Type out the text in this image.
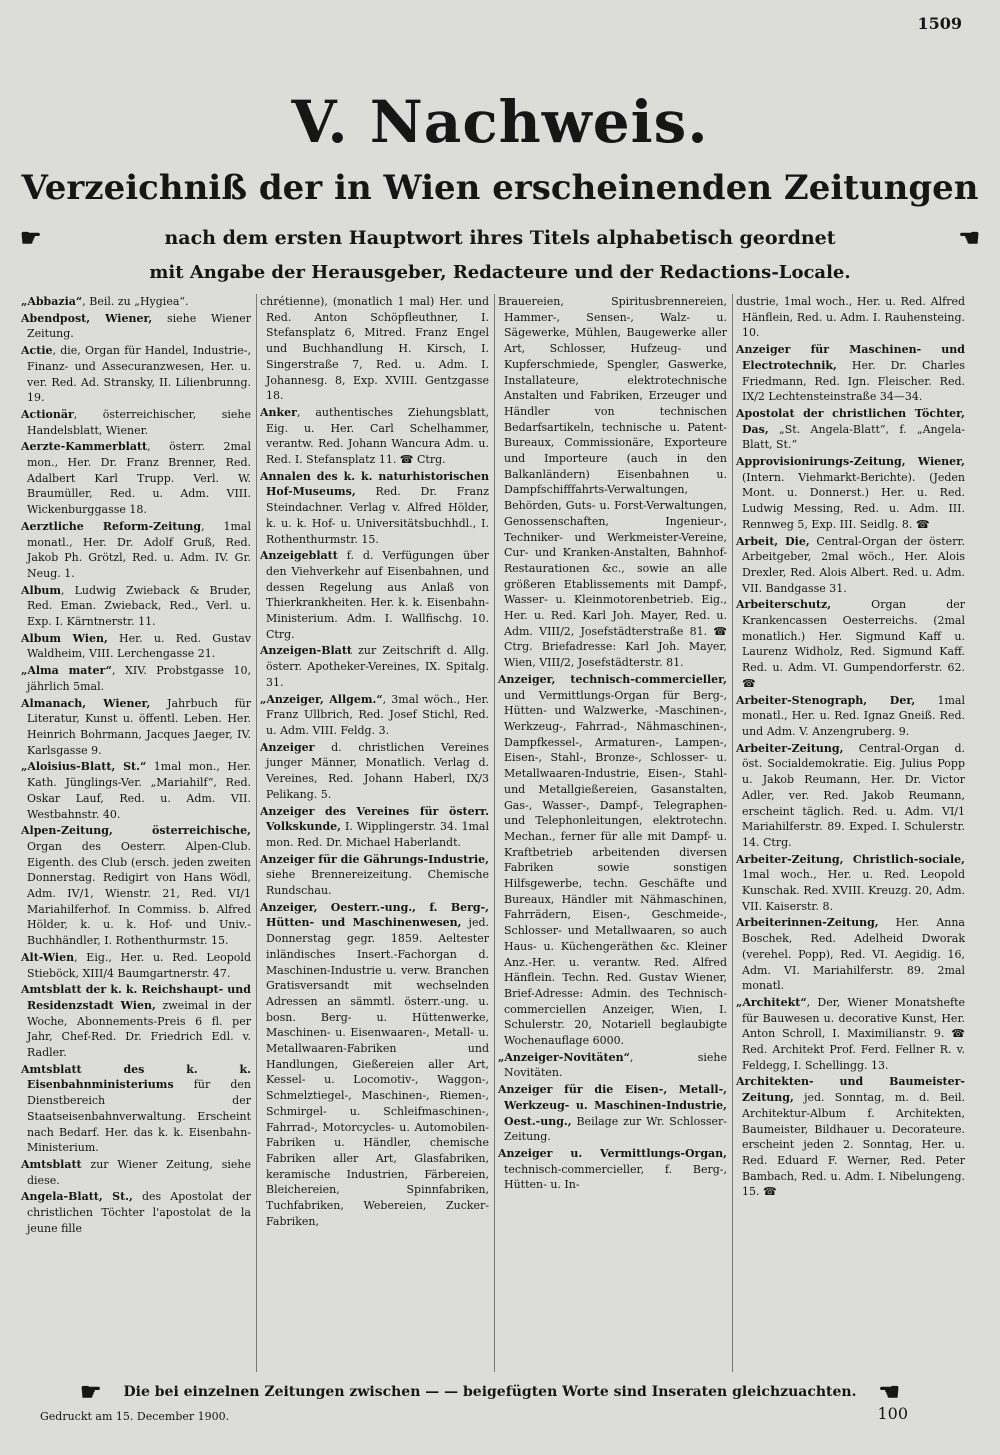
1509
V. Nachweis.
Verzeichniß der in Wien erscheinenden Zeitungen
☛	nach dem ersten Hauptwort ihres Titels alphabetisch geordnet	☚
mit Angabe der Herausgeber, Redacteure und der Redactions-Locale.
„Abbazia“, Beil. zu „Hygiea“.
Abendpost, Wiener, siehe Wiener Zeitung.
Actie, die, Organ für Handel, Industrie-, Finanz- und Assecuranzwesen, Her. u. ver. Red. Ad. Stransky, II. Lilienbrunng. 19.
Actionär, österreichischer, siehe Handelsblatt, Wiener.
Aerzte-Kammerblatt, österr. 2mal mon., Her. Dr. Franz Brenner, Red. Adalbert Karl Trupp. Verl. W. Braumüller, Red. u. Adm. VIII. Wickenburggasse 18.
Aerztliche Reform-Zeitung, 1mal monatl., Her. Dr. Adolf Gruß, Red. Jakob Ph. Grötzl, Red. u. Adm. IV. Gr. Neug. 1.
Album, Ludwig Zwieback & Bruder, Red. Eman. Zwieback, Red., Verl. u. Exp. I. Kärntnerstr. 11.
Album Wien, Her. u. Red. Gustav Waldheim, VIII. Lerchengasse 21.
„Alma mater“, XIV. Probstgasse 10, jährlich 5mal.
Almanach, Wiener, Jahrbuch für Literatur, Kunst u. öffentl. Leben. Her. Heinrich Bohrmann, Jacques Jaeger, IV. Karlsgasse 9.
„Aloisius-Blatt, St.“ 1mal mon., Her. Kath. Jünglings-Ver. „Mariahilf“, Red. Oskar Lauf, Red. u. Adm. VII. Westbahnstr. 40.
Alpen-Zeitung, österreichische, Organ des Oesterr. Alpen-Club. Eigenth. des Club (ersch. jeden zweiten Donnerstag. Redigirt von Hans Wödl, Adm. IV/1, Wienstr. 21, Red. VI/1 Mariahilferhof. In Commiss. b. Alfred Hölder, k. u. k. Hof- und Univ.-Buchhändler, I. Rothenthurmstr. 15.
Alt-Wien, Eig., Her. u. Red. Leopold Stieböck, XIII/4 Baumgartnerstr. 47.
Amtsblatt der k. k. Reichshaupt- und Residenzstadt Wien, zweimal in der Woche, Abonnements-Preis 6 fl. per Jahr, Chef-Red. Dr. Friedrich Edl. v. Radler.
Amtsblatt des k. k. Eisenbahnministeriums für den Dienstbereich der Staatseisenbahnverwaltung. Erscheint nach Bedarf. Her. das k. k. Eisenbahn-Ministerium.
Amtsblatt zur Wiener Zeitung, siehe diese.
Angela-Blatt, St., des Apostolat der christlichen Töchter l'apostolat de la jeune fille
chrétienne), (monatlich 1 mal) Her. und Red. Anton Schöpfleuthner, I. Stefansplatz 6, Mitred. Franz Engel und Buchhandlung H. Kirsch, I. Singerstraße 7, Red. u. Adm. I. Johannesg. 8, Exp. XVIII. Gentzgasse 18.
Anker, authentisches Ziehungsblatt, Eig. u. Her. Carl Schelhammer, verantw. Red. Johann Wancura Adm. u. Red. I. Stefansplatz 11. ☎ Ctrg.
Annalen des k. k. naturhistorischen Hof-Museums, Red. Dr. Franz Steindachner. Verlag v. Alfred Hölder, k. u. k. Hof- u. Universitätsbuchhdl., I. Rothenthurmstr. 15.
Anzeigeblatt f. d. Verfügungen über den Viehverkehr auf Eisenbahnen, und dessen Regelung aus Anlaß von Thierkrankheiten. Her. k. k. Eisenbahn-Ministerium. Adm. I. Wallfischg. 10. Ctrg.
Anzeigen-Blatt zur Zeitschrift d. Allg. österr. Apotheker-Vereines, IX. Spitalg. 31.
„Anzeiger, Allgem.“, 3mal wöch., Her. Franz Ullbrich, Red. Josef Stichl, Red. u. Adm. VIII. Feldg. 3.
Anzeiger d. christlichen Vereines junger Männer, Monatlich. Verlag d. Vereines, Red. Johann Haberl, IX/3 Pelikang. 5.
Anzeiger des Vereines für österr. Volkskunde, I. Wipplingerstr. 34. 1mal mon. Red. Dr. Michael Haberlandt.
Anzeiger für die Gährungs-Industrie, siehe Brennereizeitung. Chemische Rundschau.
Anzeiger, Oesterr.-ung., f. Berg-, Hütten- und Maschinenwesen, jed. Donnerstag gegr. 1859. Aeltester inländisches Insert.-Fachorgan d. Maschinen-Industrie u. verw. Branchen Gratisversandt mit wechselnden Adressen an sämmtl. österr.-ung. u. bosn. Berg- u. Hüttenwerke, Maschinen- u. Eisenwaaren-, Metall- u. Metallwaaren-Fabriken und Handlungen, Gießereien aller Art, Kessel- u. Locomotiv-, Waggon-, Schmelztiegel-, Maschinen-, Riemen-, Schmirgel- u. Schleifmaschinen-, Fahrrad-, Motorcycles- u. Automobilen-Fabriken u. Händler, chemische Fabriken aller Art, Glasfabriken, keramische Industrien, Färbereien, Bleichereien, Spinnfabriken, Tuchfabriken, Webereien, Zucker-Fabriken,
Brauereien, Spiritusbrennereien, Hammer-, Sensen-, Walz- u. Sägewerke, Mühlen, Baugewerke aller Art, Schlosser, Hufzeug- und Kupferschmiede, Spengler, Gaswerke, Installateure, elektrotechnische Anstalten und Fabriken, Erzeuger und Händler von technischen Bedarfsartikeln, technische u. Patent-Bureaux, Commissionäre, Exporteure und Importeure (auch in den Balkanländern) Eisenbahnen u. Dampfschifffahrts-Verwaltungen, Behörden, Guts- u. Forst-Verwaltungen, Genossenschaften, Ingenieur-, Techniker- und Werkmeister-Vereine, Cur- und Kranken-Anstalten, Bahnhof-Restaurationen &c., sowie an alle größeren Etablissements mit Dampf-, Wasser- u. Kleinmotorenbetrieb. Eig., Her. u. Red. Karl Joh. Mayer, Red. u. Adm. VIII/2, Josefstädterstraße 81. ☎ Ctrg. Briefadresse: Karl Joh. Mayer, Wien, VIII/2, Josefstädterstr. 81.
Anzeiger, technisch-commercieller, und Vermittlungs-Organ für Berg-, Hütten- und Walzwerke, -Maschinen-, Werkzeug-, Fahrrad-, Nähmaschinen-, Dampfkessel-, Armaturen-, Lampen-, Eisen-, Stahl-, Bronze-, Schlosser- u. Metallwaaren-Industrie, Eisen-, Stahl- und Metallgießereien, Gasanstalten, Gas-, Wasser-, Dampf-, Telegraphen- und Telephonleitungen, elektrotechn. Mechan., ferner für alle mit Dampf- u. Kraftbetrieb arbeitenden diversen Fabriken sowie sonstigen Hilfsgewerbe, techn. Geschäfte und Bureaux, Händler mit Nähmaschinen, Fahrrädern, Eisen-, Geschmeide-, Schlosser- und Metallwaaren, so auch Haus- u. Küchengeräthen &c. Kleiner Anz.-Her. u. verantw. Red. Alfred Hänflein. Techn. Red. Gustav Wiener, Brief-Adresse: Admin. des Technisch-commerciellen Anzeiger, Wien, I. Schulerstr. 20, Notariell beglaubigte Wochenauflage 6000.
„Anzeiger-Novitäten“, siehe Novitäten.
Anzeiger für die Eisen-, Metall-, Werkzeug- u. Maschinen-Industrie, Oest.-ung., Beilage zur Wr. Schlosser-Zeitung.
Anzeiger u. Vermittlungs-Organ, technisch-commercieller, f. Berg-, Hütten- u. In-
dustrie, 1mal woch., Her. u. Red. Alfred Hänflein, Red. u. Adm. I. Rauhensteing. 10.
Anzeiger für Maschinen- und Electrotechnik, Her. Dr. Charles Friedmann, Red. Ign. Fleischer. Red. IX/2 Lechtensteinstraße 34—34.
Apostolat der christlichen Töchter, Das, „St. Angela-Blatt“, f. „Angela-Blatt, St.“
Approvisionirungs-Zeitung, Wiener, (Intern. Viehmarkt-Berichte). (Jeden Mont. u. Donnerst.) Her. u. Red. Ludwig Messing, Red. u. Adm. III. Rennweg 5, Exp. III. Seidlg. 8. ☎
Arbeit, Die, Central-Organ der österr. Arbeitgeber, 2mal wöch., Her. Alois Drexler, Red. Alois Albert. Red. u. Adm. VII. Bandgasse 31.
Arbeiterschutz, Organ der Krankencassen Oesterreichs. (2mal monatlich.) Her. Sigmund Kaff u. Laurenz Widholz, Red. Sigmund Kaff. Red. u. Adm. VI. Gumpendorferstr. 62. ☎
Arbeiter-Stenograph, Der, 1mal monatl., Her. u. Red. Ignaz Gneiß. Red. und Adm. V. Anzengruberg. 9.
Arbeiter-Zeitung, Central-Organ d. öst. Socialdemokratie. Eig. Julius Popp u. Jakob Reumann, Her. Dr. Victor Adler, ver. Red. Jakob Reumann, erscheint täglich. Red. u. Adm. VI/1 Mariahilferstr. 89. Exped. I. Schulerstr. 14. Ctrg.
Arbeiter-Zeitung, Christlich-sociale, 1mal woch., Her. u. Red. Leopold Kunschak. Red. XVIII. Kreuzg. 20, Adm. VII. Kaiserstr. 8.
Arbeiterinnen-Zeitung, Her. Anna Boschek, Red. Adelheid Dworak (verehel. Popp), Red. VI. Aegidig. 16, Adm. VI. Mariahilferstr. 89. 2mal monatl.
„Architekt“, Der, Wiener Monatshefte für Bauwesen u. decorative Kunst, Her. Anton Schroll, I. Maximilianstr. 9. ☎ Red. Architekt Prof. Ferd. Fellner R. v. Feldegg, I. Schellingg. 13.
Architekten- und Baumeister-Zeitung, jed. Sonntag, m. d. Beil. Architektur-Album f. Architekten, Baumeister, Bildhauer u. Decorateure. erscheint jeden 2. Sonntag, Her. u. Red. Eduard F. Werner, Red. Peter Bambach, Red. u. Adm. I. Nibelungeng. 15. ☎
☛	Die bei einzelnen Zeitungen zwischen — — beigefügten Worte sind Inseraten gleichzuachten. ☚
Gedruckt am 15. December 1900.	100
